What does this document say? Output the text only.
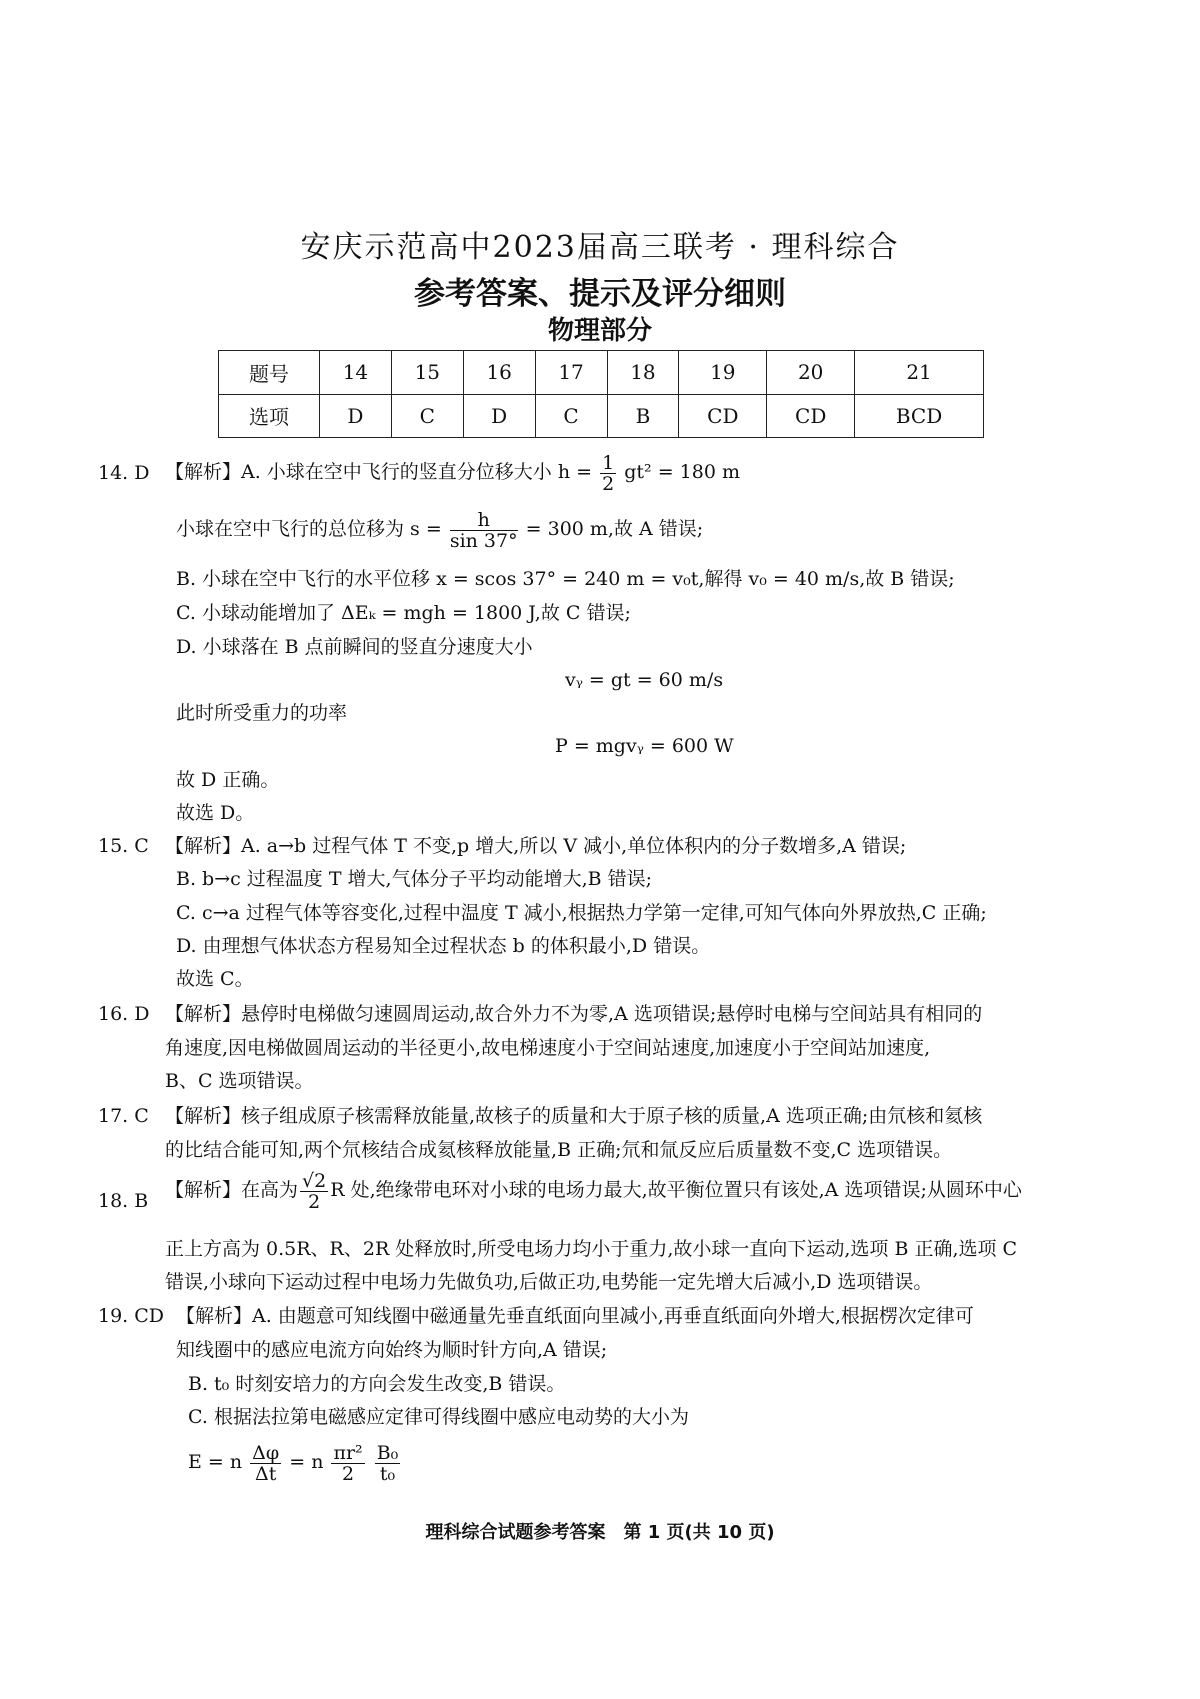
安庆示范高中2023届高三联考 · 理科综合
参考答案、提示及评分细则
物理部分
题号	14	15	16	17	18	19	20	21
选项	D	C	D	C	B	CD	CD	BCD
14. D 【解析】A. 小球在空中飞行的竖直分位移大小 $h = \frac{1}{2} gt^2 = 180$ m
小球在空中飞行的总位移为 $s = \frac{h}{\sin 37^\circ} = 300$ m,故 A 错误;
B. 小球在空中飞行的水平位移 x = scos 37° = 240 m = v₀t,解得 v₀ = 40 m/s,故 B 错误;
C. 小球动能增加了 ΔEₖ = mgh = 1800 J,故 C 错误;
D. 小球落在 B 点前瞬间的竖直分速度大小
vᵧ = gt = 60 m/s
此时所受重力的功率
P = mgvᵧ = 600 W
故 D 正确。
故选 D。
15. C 【解析】A. a→b 过程气体 T 不变,p 增大,所以 V 减小,单位体积内的分子数增多,A 错误;
B. b→c 过程温度 T 增大,气体分子平均动能增大,B 错误;
C. c→a 过程气体等容变化,过程中温度 T 减小,根据热力学第一定律,可知气体向外界放热,C 正确;
D. 由理想气体状态方程易知全过程状态 b 的体积最小,D 错误。
故选 C。
16. D 【解析】悬停时电梯做匀速圆周运动,故合外力不为零,A 选项错误;悬停时电梯与空间站具有相同的
角速度,因电梯做圆周运动的半径更小,故电梯速度小于空间站速度,加速度小于空间站加速度,
B、C 选项错误。
17. C 【解析】核子组成原子核需释放能量,故核子的质量和大于原子核的质量,A 选项正确;由氘核和氦核
的比结合能可知,两个氘核结合成氦核释放能量,B 正确;氘和氚反应后质量数不变,C 选项错误。
18. B 【解析】在高为 $\frac{√2}{2}$ R 处,绝缘带电环对小球的电场力最大,故平衡位置只有该处,A 选项错误;从圆环中心
正上方高为 0.5R、R、2R 处释放时,所受电场力均小于重力,故小球一直向下运动,选项 B 正确,选项 C
错误,小球向下运动过程中电场力先做负功,后做正功,电势能一定先增大后减小,D 选项错误。
19. CD 【解析】A. 由题意可知线圈中磁通量先垂直纸面向里减小,再垂直纸面向外增大,根据楞次定律可
知线圈中的感应电流方向始终为顺时针方向,A 错误;
B. t₀ 时刻安培力的方向会发生改变,B 错误。
C. 根据法拉第电磁感应定律可得线圈中感应电动势的大小为
E = n $\frac{\Delta\varphi}{\Delta t} = n \frac{\text{πr²}}{2}$
$\frac{\text{B₀}}{\text{t₀}}$
理科综合试题参考答案　第 1 页(共 10 页)
